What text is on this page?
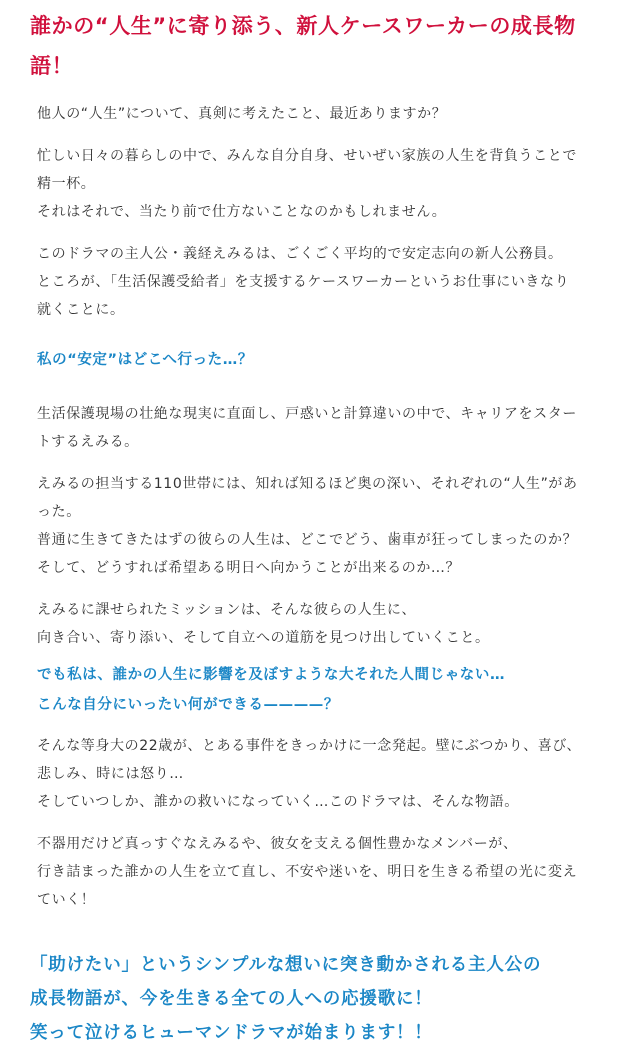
誰かの“人生”に寄り添う、新人ケースワーカーの成長物
語！

他人の“人生”について、真剣に考えたこと、最近ありますか？

忙しい日々の暮らしの中で、みんな自分自身、せいぜい家族の人生を背負うことで
精一杯。
それはそれで、当たり前で仕方ないことなのかもしれません。

このドラマの主人公・義経えみるは、ごくごく平均的で安定志向の新人公務員。
ところが、「生活保護受給者」を支援するケースワーカーというお仕事にいきなり
就くことに。

私の“安定”はどこへ行った…？

生活保護現場の壮絶な現実に直面し、戸惑いと計算違いの中で、キャリアをスター
トするえみる。

えみるの担当する110世帯には、知れば知るほど奥の深い、それぞれの“人生”があ
った。
普通に生きてきたはずの彼らの人生は、どこでどう、歯車が狂ってしまったのか？
そして、どうすれば希望ある明日へ向かうことが出来るのか…？

えみるに課せられたミッションは、そんな彼らの人生に、
向き合い、寄り添い、そして自立への道筋を見つけ出していくこと。

でも私は、誰かの人生に影響を及ぼすような大それた人間じゃない…
こんな自分にいったい何ができる————？

そんな等身大の22歳が、とある事件をきっかけに一念発起。壁にぶつかり、喜び、
悲しみ、時には怒り…
そしていつしか、誰かの救いになっていく…このドラマは、そんな物語。

不器用だけど真っすぐなえみるや、彼女を支える個性豊かなメンバーが、
行き詰まった誰かの人生を立て直し、不安や迷いを、明日を生きる希望の光に変え
ていく！

「助けたい」というシンプルな想いに突き動かされる主人公の
成長物語が、今を生きる全ての人への応援歌に！
笑って泣けるヒューマンドラマが始まります！！
